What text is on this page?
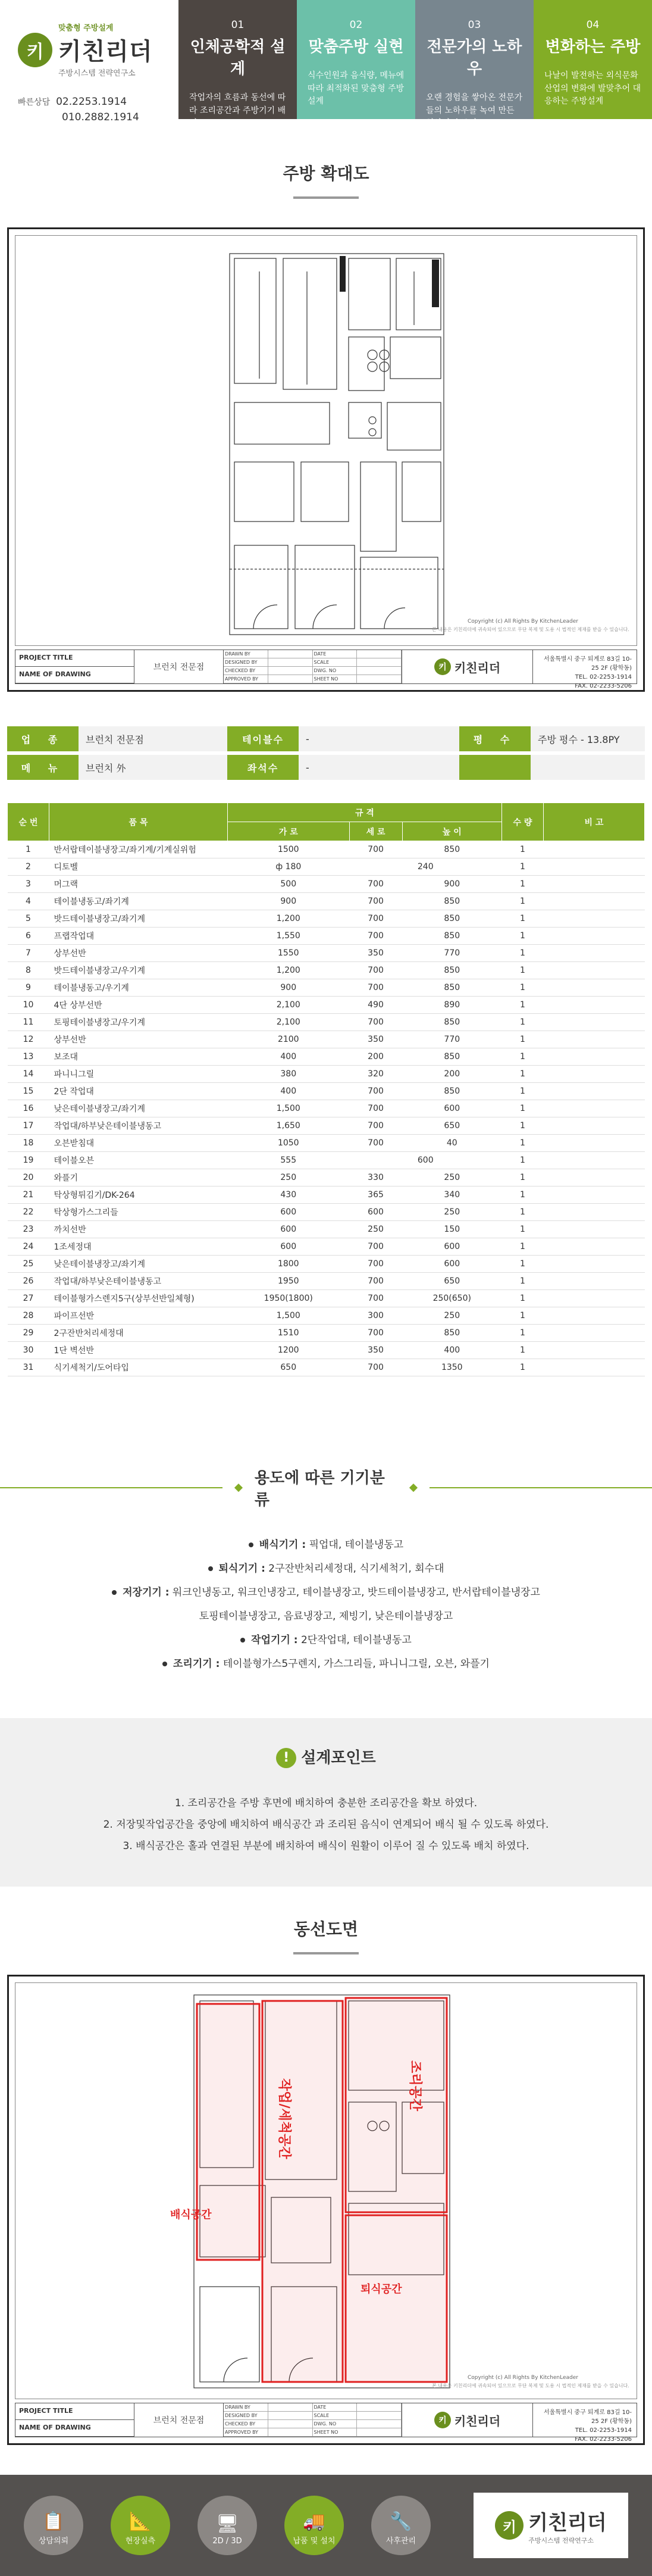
키
맞춤형 주방설계
키친리더
주방시스템 전략연구소
빠른상담 02.2253.1914
010.2882.1914
01
인체공학적 설계
작업자의 흐름과 동선에 따라 조리공간과 주방기기 배치
02
맞춤주방 실현
식수인원과 음식량, 메뉴에 따라 최적화된 맞춤형 주방설계
03
전문가의 노하우
오랜 경험을 쌓아온 전문가들의 노하우를 녹여 만든 최상의 솔루션
04
변화하는 주방
나날이 발전하는 외식문화 산업의 변화에 발맞추어 대응하는 주방설계
주방 확대도
Copyright (c) All Rights By KitchenLeader
본 내용은 키친리더에 귀속되어 있으므로 무단 복제 및 도용 시 법적인 제재를 받을 수 있습니다.
PROJECT TITLE
NAME OF DRAWING
브런치 전문점
DRAWN BY	DATE
DESIGNED BY	SCALE
CHECKED BY	DWG. NO
APPROVED BY	SHEET NO
키 키친리더
서울특별시 중구 퇴계로 83길 10-25 2F (황학동)
TEL. 02-2253-1914
FAX. 02-2233-5206
업 종	브런치 전문점	테이블수	-	평 수	주방 평수 ‑ 13.8PY
메 뉴	브런치 外	좌석수	-		
순 번	품 목	규 격			수 량	비 고
		가 로	세 로	높 이		
1	반서랍테이블냉장고/좌기계/기계실위험	1500	700	850	1	
2	디토벨	ф 180	240		1	
3	머그랙	500	700	900	1	
4	테이블냉동고/좌기계	900	700	850	1	
5	밧드테이블냉장고/좌기계	1,200	700	850	1	
6	프랩작업대	1,550	700	850	1	
7	상부선반	1550	350	770	1	
8	밧드테이블냉장고/우기계	1,200	700	850	1	
9	테이블냉동고/우기계	900	700	850	1	
10	4단 상부선반	2,100	490	890	1	
11	토핑테이블냉장고/우기계	2,100	700	850	1	
12	상부선반	2100	350	770	1	
13	보조대	400	200	850	1	
14	파니니그릴	380	320	200	1	
15	2단 작업대	400	700	850	1	
16	낮은테이블냉장고/좌기계	1,500	700	600	1	
17	작업대/하부낮은테이블냉동고	1,650	700	650	1	
18	오븐받침대	1050	700	40	1	
19	테이블오븐	555	600		1	
20	와플기	250	330	250	1	
21	탁상형튀김기/DK-264	430	365	340	1	
22	탁상형가스그리들	600	600	250	1	
23	까치선반	600	250	150	1	
24	1조세정대	600	700	600	1	
25	낮은테이블냉장고/좌기계	1800	700	600	1	
26	작업대/하부낮은테이블냉동고	1950	700	650	1	
27	테이블형가스렌지5구(상부선반일체형)	1950(1800)	700	250(650)	1	
28	파이프선반	1,500	300	250	1	
29	2구잔반처리세정대	1510	700	850	1	
30	1단 벽선반	1200	350	400	1	
31	식기세척기/도어타입	650	700	1350	1	
용도에 따른 기기분류
배식기기 : 픽업대, 테이블냉동고
퇴식기기 : 2구잔반처리세정대, 식기세척기, 회수대
저장기기 : 워크인냉동고, 워크인냉장고, 테이블냉장고, 밧드테이블냉장고, 반서랍테이블냉장고
토핑테이블냉장고, 음료냉장고, 제빙기, 낮은테이블냉장고
작업기기 : 2단작업대, 테이블냉동고
조리기기 : 테이블형가스5구렌지, 가스그리들, 파니니그릴, 오븐, 와플기
! 설계포인트

1. 조리공간을 주방 후면에 배치하여 충분한 조리공간을 확보 하였다.

2. 저장및작업공간을 중앙에 배치하여 배식공간 과 조리된 음식이 연계되어 배식 될 수 있도록 하였다.

3. 배식공간은 홀과 연결된 부분에 배치하여 배식이 원활이 이루어 질 수 있도록 배치 하였다.

동선도면
작업/세척공간	조리공간
배식공간
퇴식공간
Copyright (c) All Rights By KitchenLeader
본 내용은 키친리더에 귀속되어 있으므로 무단 복제 및 도용 시 법적인 제재를 받을 수 있습니다.
PROJECT TITLE
NAME OF DRAWING
브런치 전문점
DRAWN BY	DATE
DESIGNED BY	SCALE
CHECKED BY	DWG. NO
APPROVED BY	SHEET NO
키 키친리더
서울특별시 중구 퇴계로 83길 10-25 2F (황학동)
TEL. 02-2253-1914
FAX. 02-2233-5206
📋
상담의뢰
📐
현장실측
🖥
2D / 3D
🚚
납품 및 설치
🔧
사후관리
키 키친리더
주방시스템 전략연구소
